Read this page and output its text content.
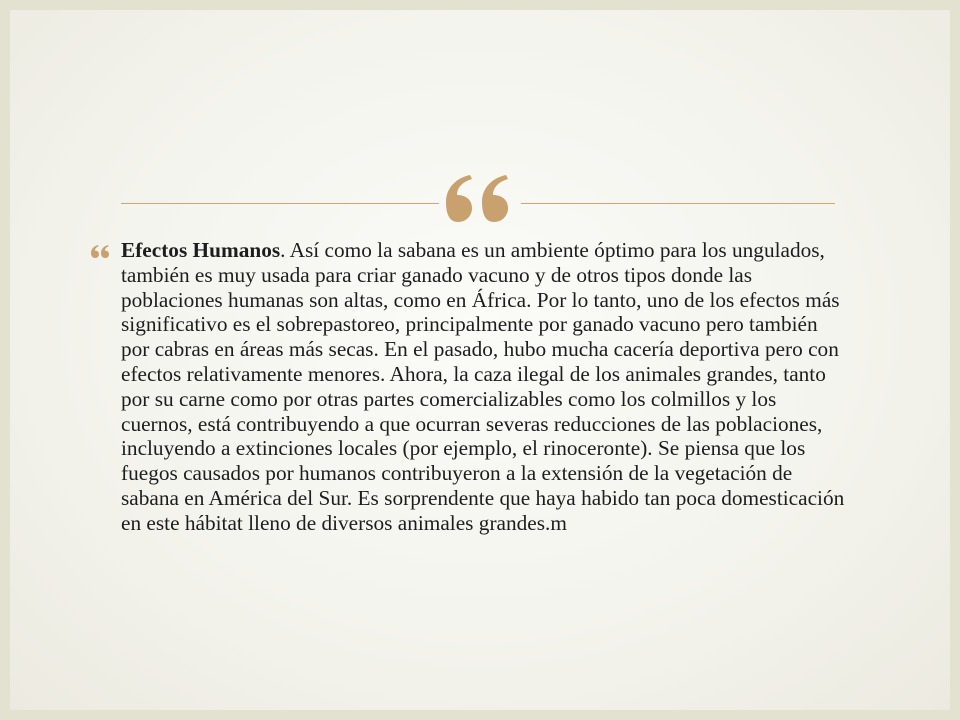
Efectos Humanos. Así como la sabana es un ambiente óptimo para los ungulados, también es muy usada para criar ganado vacuno y de otros tipos donde las poblaciones humanas son altas, como en África. Por lo tanto, uno de los efectos más significativo es el sobrepastoreo, principalmente por ganado vacuno pero también por cabras en áreas más secas. En el pasado, hubo mucha cacería deportiva pero con efectos relativamente menores. Ahora, la caza ilegal de los animales grandes, tanto por su carne como por otras partes comercializables como los colmillos y los cuernos, está contribuyendo a que ocurran severas reducciones de las poblaciones, incluyendo a extinciones locales (por ejemplo, el rinoceronte). Se piensa que los fuegos causados por humanos contribuyeron a la extensión de la vegetación de sabana en América del Sur. Es sorprendente que haya habido tan poca domesticación en este hábitat lleno de diversos animales grandes.m
